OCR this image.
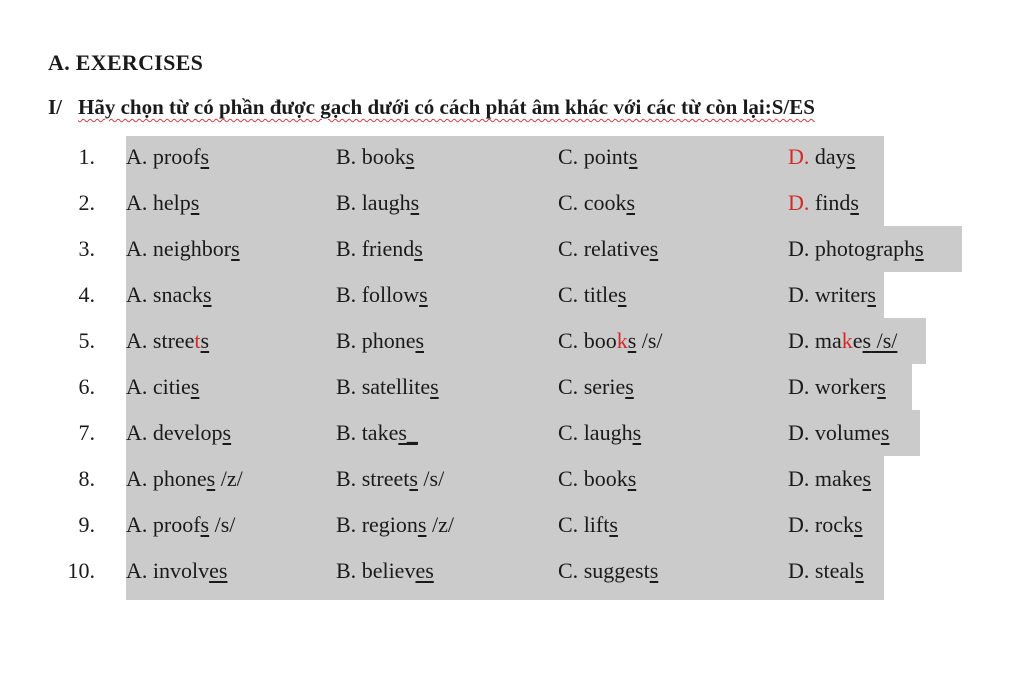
A. EXERCISES
I/ Hãy chọn từ có phần được gạch dưới có cách phát âm khác với các từ còn lại:S/ES
1. A. proofs	B. books	C. points	D. days
2. A. helps	B. laughs	C. cooks	D. finds
3. A. neighbors	B. friends	C. relatives	D. photographs
4. A. snacks	B. follows	C. titles	D. writers
5. A. streets	B. phones	C. books /s/	D. makes /s/
6. A. cities	B. satellites	C. series	D. workers
7. A. develops	B. takes_	C. laughs	D. volumes
8. A. phones /z/	B. streets /s/	C. books	D. makes
9. A. proofs /s/	B. regions /z/	C. lifts	D. rocks
10. A. involves	B. believes	C. suggests	D. steals
